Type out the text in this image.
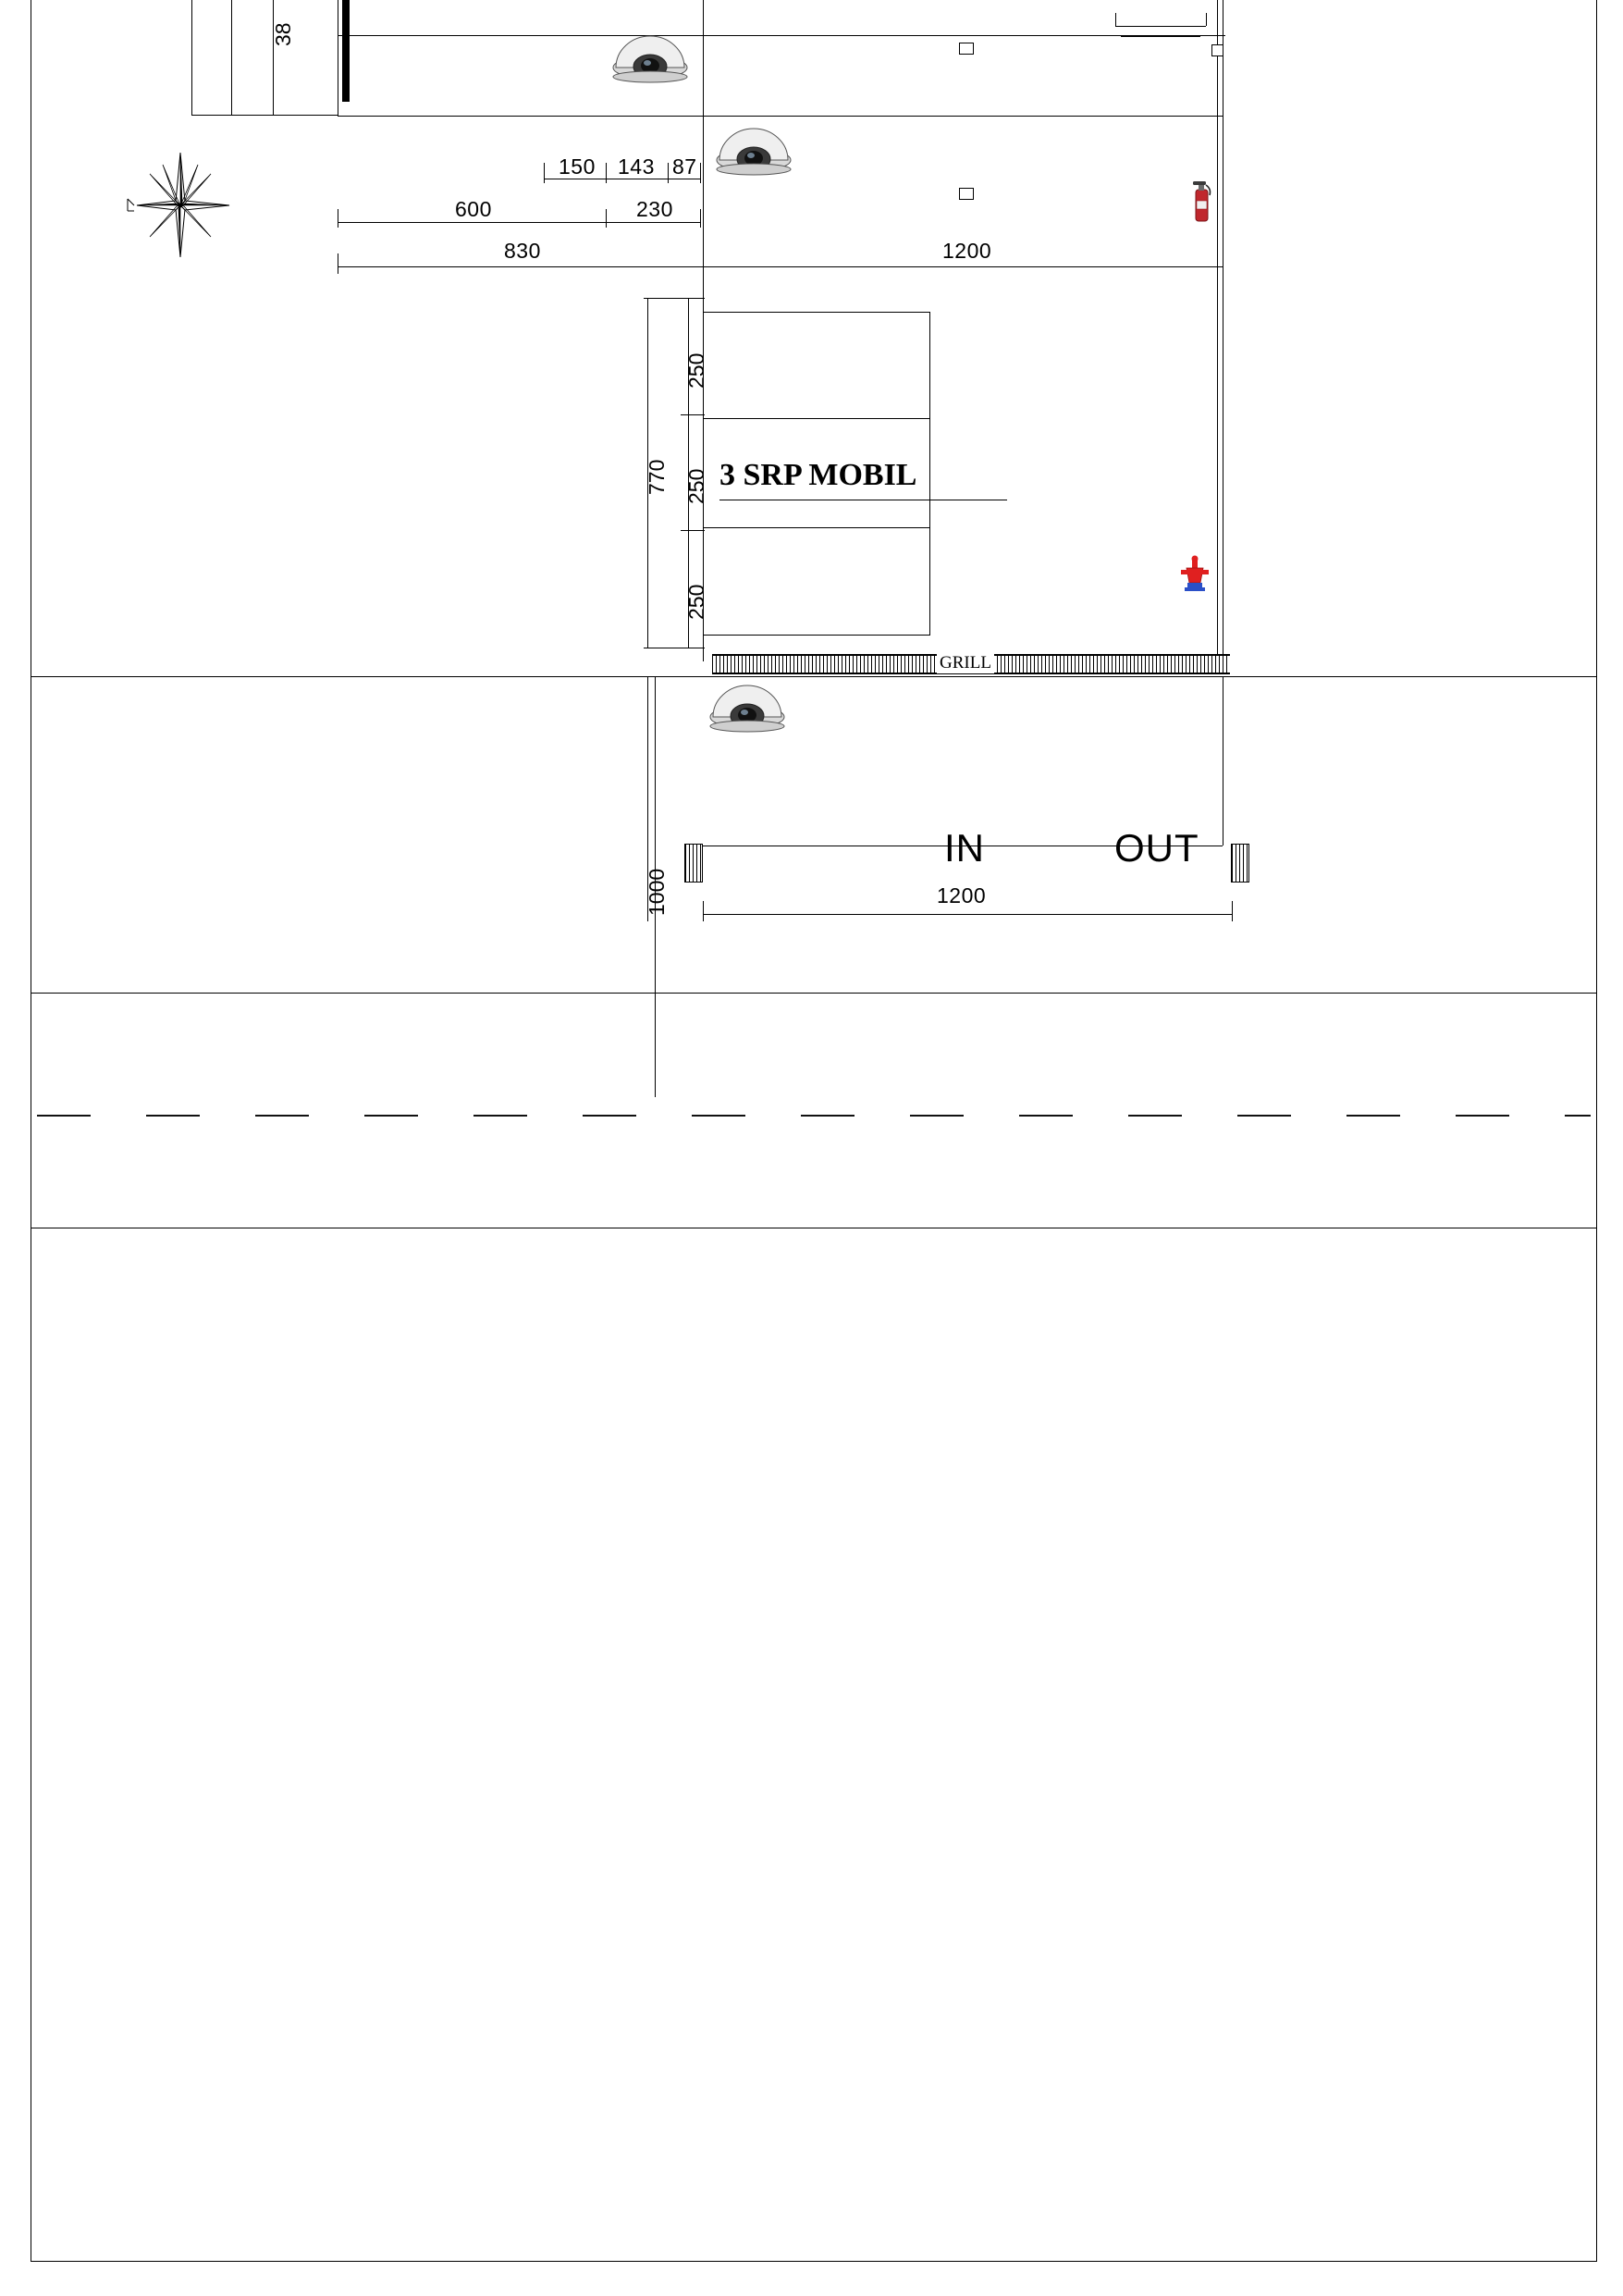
GRILL
38
150 143 87
600	230
830	1200
250
250
250
770 3 SRP MOBIL
IN	OUT
1000	1200
